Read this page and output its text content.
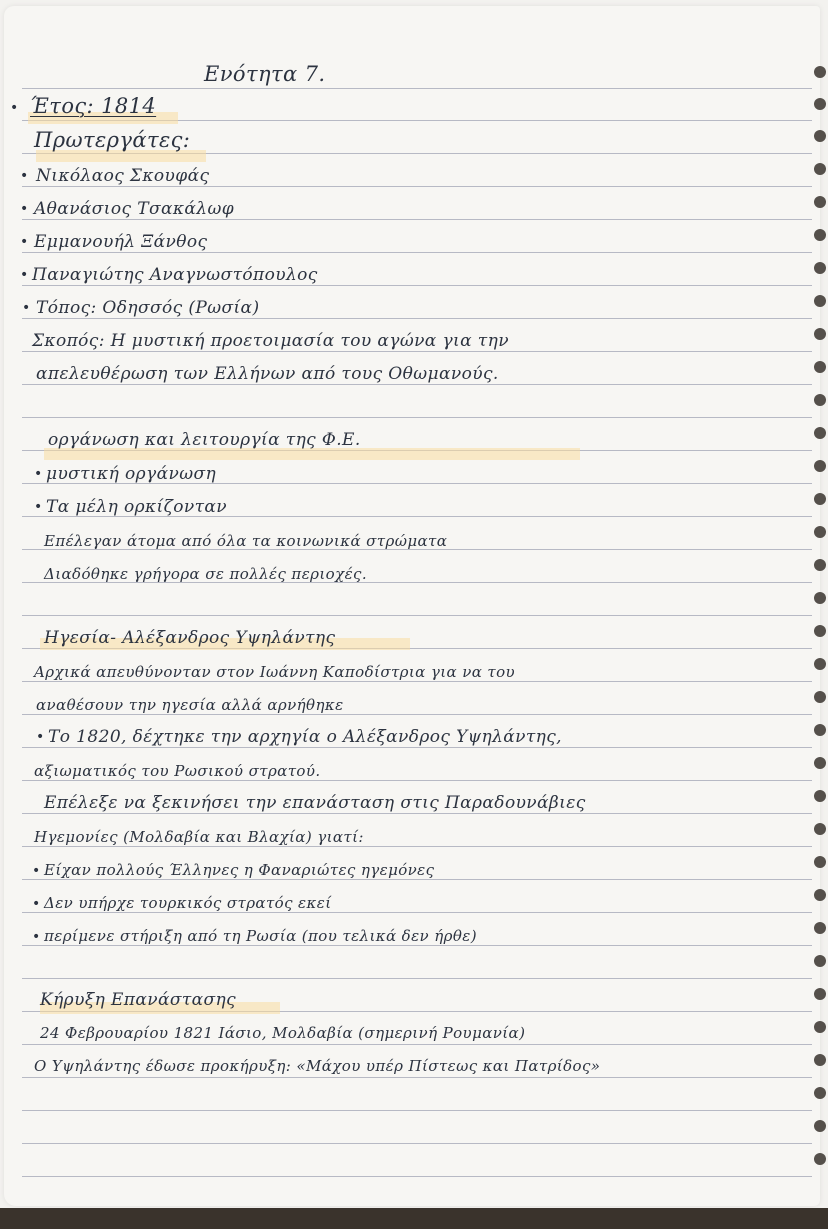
Ενότητα 7.
• Έτος: 1814
Πρωτεργάτες:
• Νικόλαος Σκουφάς
• Αθανάσιος Τσακάλωφ
• Εμμανουήλ Ξάνθος
• Παναγιώτης Αναγνωστόπουλος
• Τόπος: Οδησσός (Ρωσία)
Σκοπός: Η μυστική προετοιμασία του αγώνα για την
απελευθέρωση των Ελλήνων από τους Οθωμανούς.
οργάνωση και λειτουργία της Φ.Ε.
• μυστική οργάνωση
• Τα μέλη ορκίζονταν
Επέλεγαν άτομα από όλα τα κοινωνικά στρώματα
Διαδόθηκε γρήγορα σε πολλές περιοχές.
Ηγεσία- Αλέξανδρος Υψηλάντης
Αρχικά απευθύνονταν στον Ιωάννη Καποδίστρια για να του
αναθέσουν την ηγεσία αλλά αρνήθηκε
• Το 1820, δέχτηκε την αρχηγία ο Αλέξανδρος Υψηλάντης,
αξιωματικός του Ρωσικού στρατού.
Επέλεξε να ξεκινήσει την επανάσταση στις Παραδουνάβιες
Ηγεμονίες (Μολδαβία και Βλαχία) γιατί:
• Είχαν πολλούς Έλληνες η Φαναριώτες ηγεμόνες
• Δεν υπήρχε τουρκικός στρατός εκεί
• περίμενε στήριξη από τη Ρωσία (που τελικά δεν ήρθε)
Κήρυξη Επανάστασης
24 Φεβρουαρίου 1821 Ιάσιο, Μολδαβία (σημερινή Ρουμανία)
Ο Υψηλάντης έδωσε προκήρυξη: «Μάχου υπέρ Πίστεως και Πατρίδος»
